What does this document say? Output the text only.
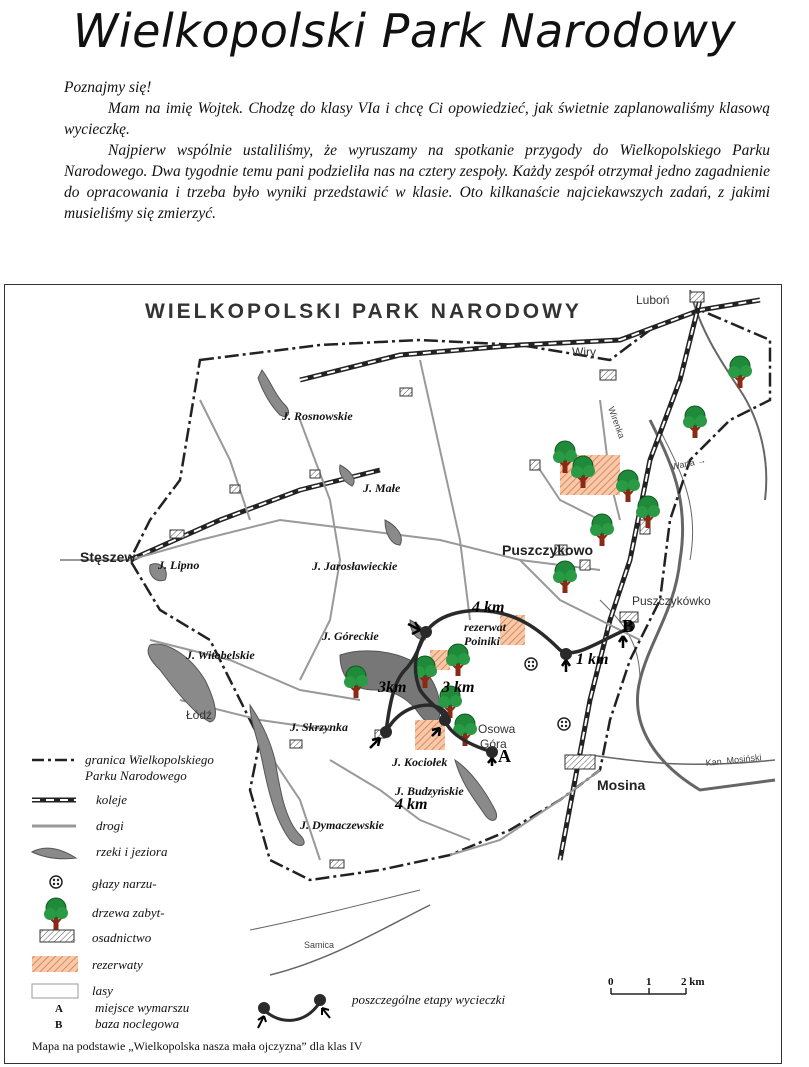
Wielkopolski Park Narodowy

Poznajmy się!

Mam na imię Wojtek. Chodzę do klasy VIa i chcę Ci opowiedzieć, jak świetnie zaplanowaliśmy klasową wycieczkę.

Najpierw wspólnie ustaliliśmy, że wyruszamy na spotkanie przygody do Wielkopolskiego Parku Narodowego. Dwa tygodnie temu pani podzieliła nas na cztery zespoły. Każdy zespół otrzymał jedno zagadnienie do opracowania i trzeba było wyniki przedstawić w klasie. Oto kilkanaście najciekawszych zadań, z jakimi musieliśmy się zmierzyć.

WIELKOPOLSKI PARK NARODOWY
4 km
1 km
3km 3 km
4 km
A
B
Luboń
Wiry
Stęszew	Puszczykowo
Puszczykówko
Łódź
Mosina
Osowa
Góra
J. Rosnowskie
J. Małe
J. Lipno	J. Jarosławieckie
J. Góreckie
J. Witobelskie
J. Skrzynka
J. Kociołek
J. Budzyńskie
J. Dymaczewskie
rezerwat
Poiniki
Warta →
Kan. Mosiński
Samica
Wirenka
granica Wielkopolskiego
Parku Narodowego
koleje
drogi
rzeki i jeziora
głazy narzu-
drzewa zabyt-
osadnictwo
rezerwaty
lasy
A miejsce wymarszu
B	baza noclegowa
poszczególne etapy wycieczki
0	1	2 km
Mapa na podstawie „Wielkopolska nasza mała ojczyzna” dla klas IV
